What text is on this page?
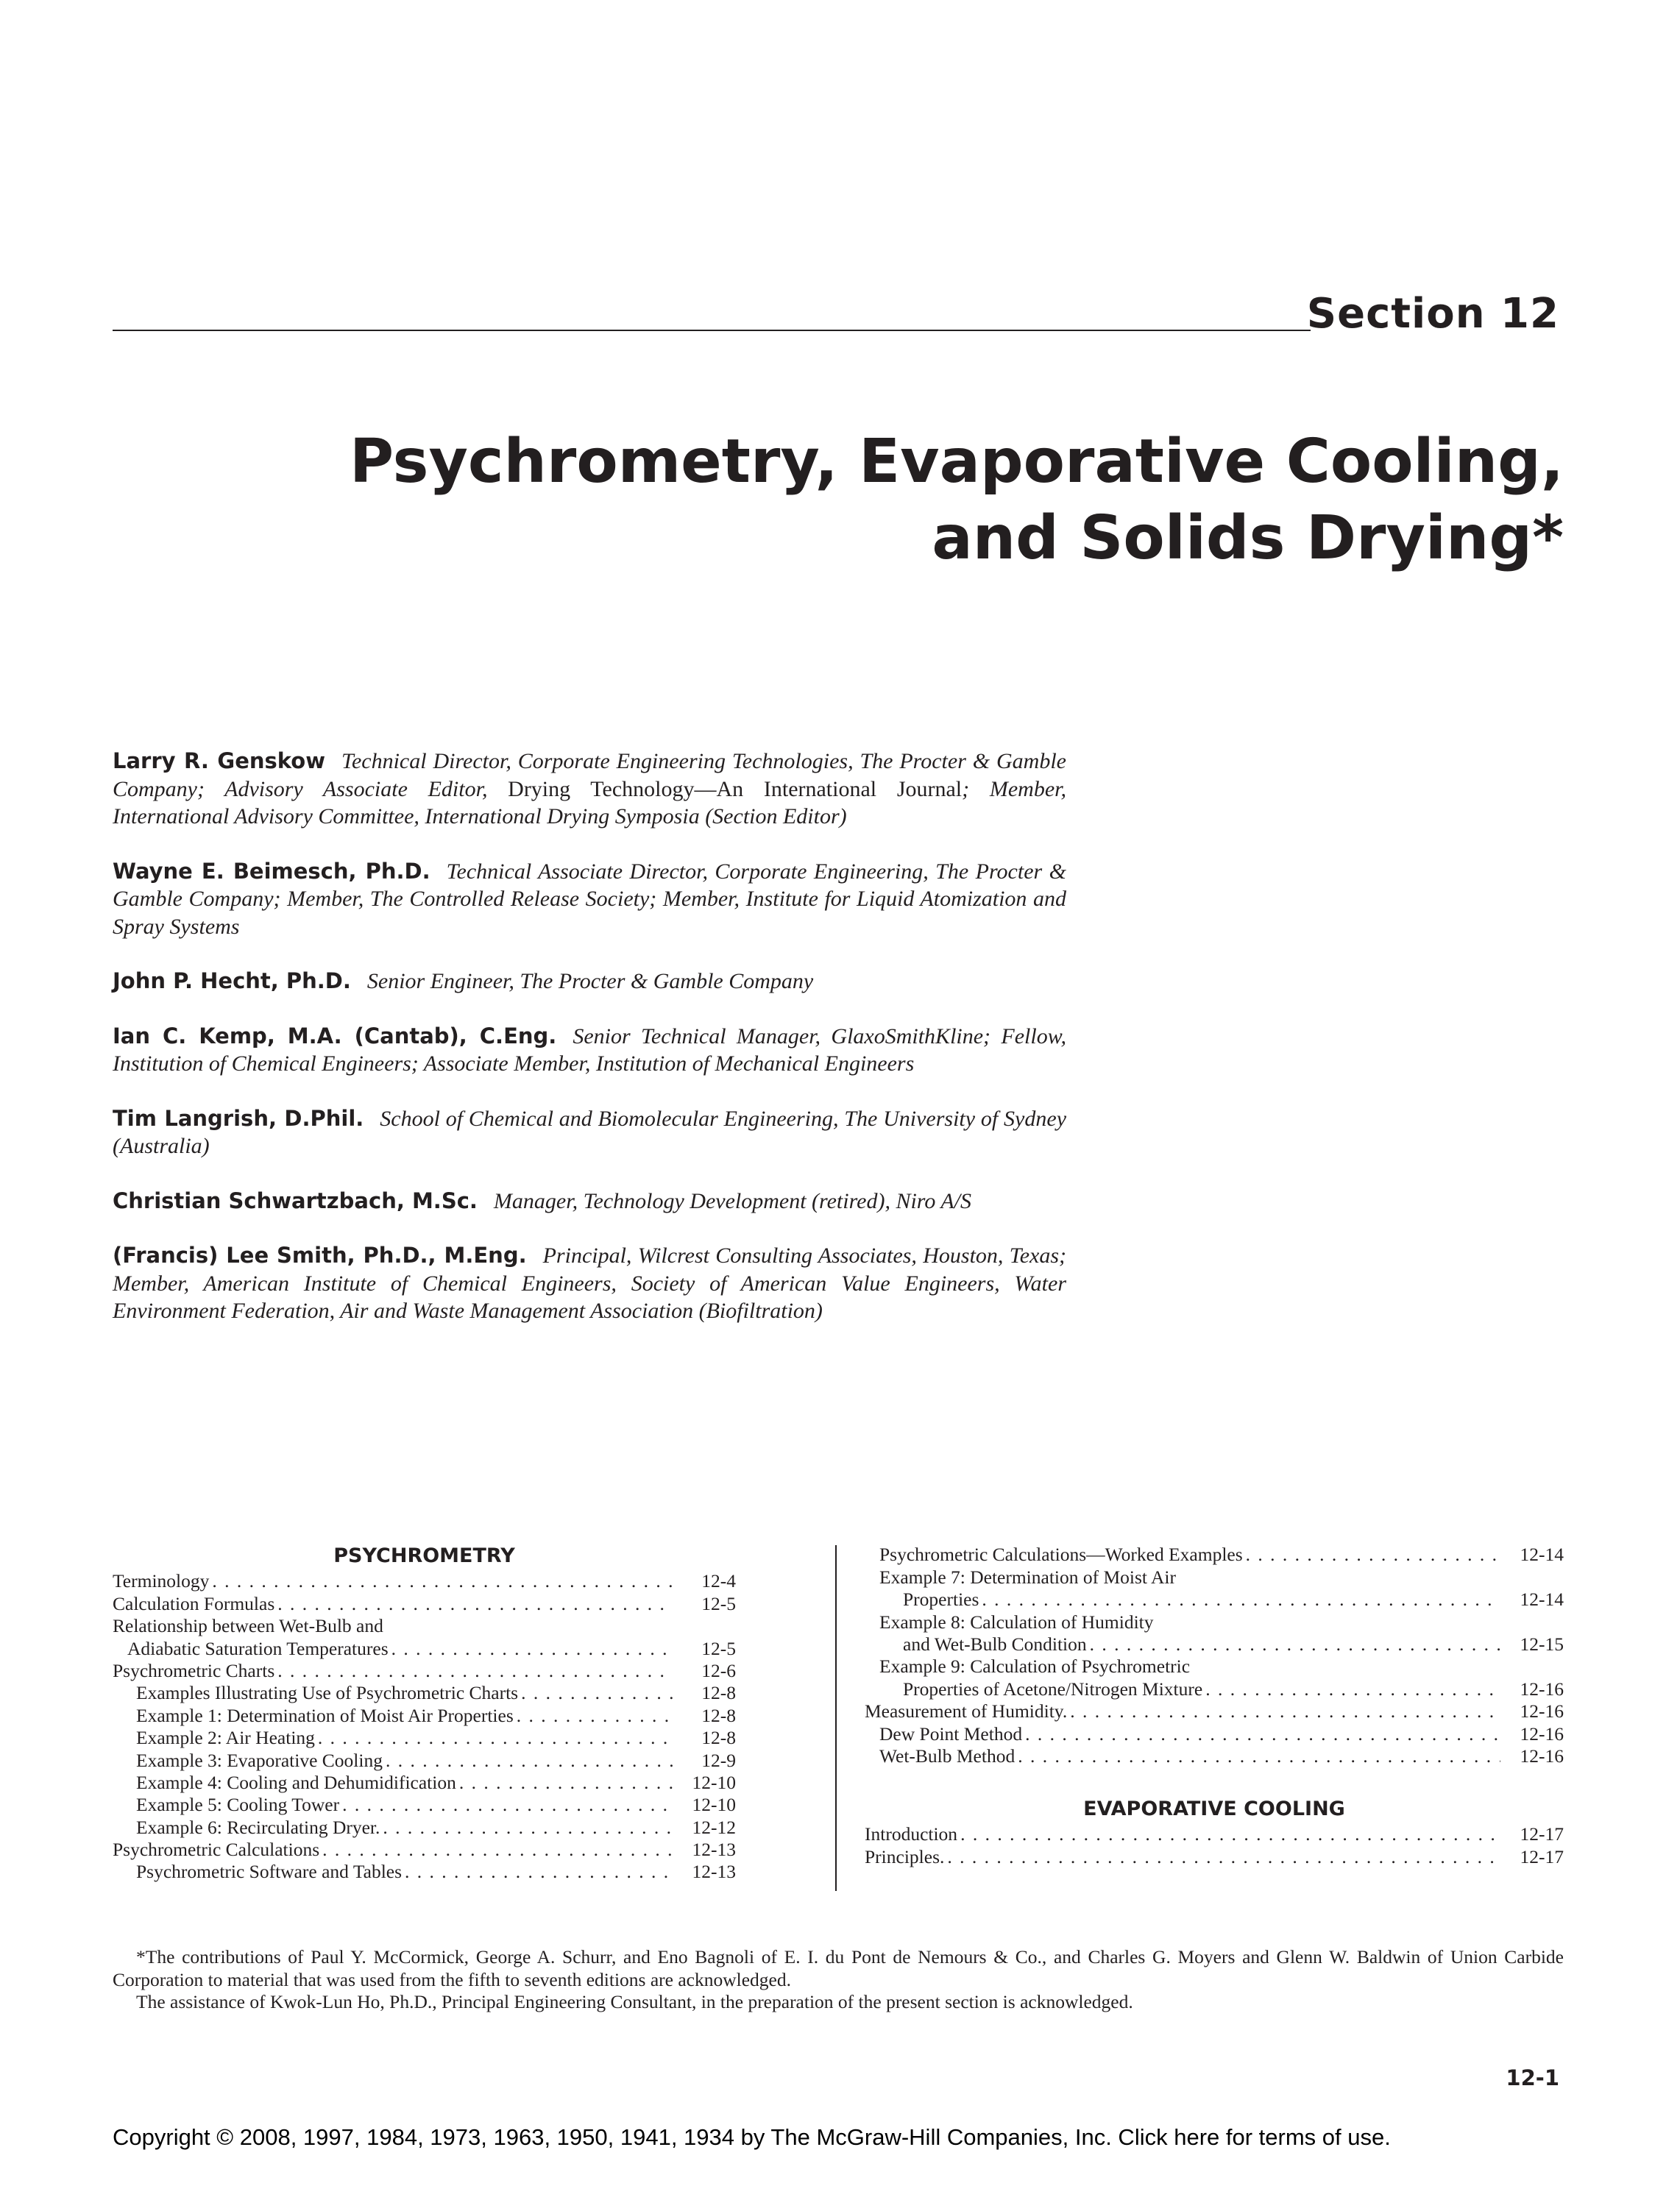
Section 12
Psychrometry, Evaporative Cooling,
and Solids Drying*
Larry R. Genskow Technical Director, Corporate Engineering Technologies, The Procter & Gamble Company; Advisory Associate Editor, Drying Technology—An International Journal; Member, International Advisory Committee, International Drying Symposia (Section Editor)
Wayne E. Beimesch, Ph.D. Technical Associate Director, Corporate Engineering, The Procter & Gamble Company; Member, The Controlled Release Society; Member, Institute for Liquid Atomization and Spray Systems
John P. Hecht, Ph.D. Senior Engineer, The Procter & Gamble Company
Ian C. Kemp, M.A. (Cantab), C.Eng. Senior Technical Manager, GlaxoSmithKline; Fellow, Institution of Chemical Engineers; Associate Member, Institution of Mechanical Engineers
Tim Langrish, D.Phil. School of Chemical and Biomolecular Engineering, The University of Sydney (Australia)
Christian Schwartzbach, M.Sc. Manager, Technology Development (retired), Niro A/S
(Francis) Lee Smith, Ph.D., M.Eng. Principal, Wilcrest Consulting Associates, Houston, Texas; Member, American Institute of Chemical Engineers, Society of American Value Engineers, Water Environment Federation, Air and Waste Management Association (Biofiltration)
PSYCHROMETRY
Terminology . . .	12-4
Calculation Formulas . . .	12-5
Relationship between Wet-Bulb and
Adiabatic Saturation Temperatures . . .	12-5
Psychrometric Charts . . .	12-6
Examples Illustrating Use of Psychrometric Charts . . .	12-8
Example 1: Determination of Moist Air Properties . . .	12-8
Example 2: Air Heating . . .	12-8
Example 3: Evaporative Cooling . . .	12-9
Example 4: Cooling and Dehumidification . . .	12-10
Example 5: Cooling Tower . . .	12-10
Example 6: Recirculating Dryer. . . .	12-12
Psychrometric Calculations . . .	12-13
Psychrometric Software and Tables . . .	12-13
Psychrometric Calculations—Worked Examples . . .	12-14
Example 7: Determination of Moist Air
Properties . . .	12-14
Example 8: Calculation of Humidity
and Wet-Bulb Condition . . .	12-15
Example 9: Calculation of Psychrometric
Properties of Acetone/Nitrogen Mixture . . .	12-16
Measurement of Humidity. . . .	12-16
Dew Point Method . . .	12-16
Wet-Bulb Method . . .	12-16
EVAPORATIVE COOLING
Introduction . . .	12-17
Principles. . . .	12-17

*The contributions of Paul Y. McCormick, George A. Schurr, and Eno Bagnoli of E. I. du Pont de Nemours & Co., and Charles G. Moyers and Glenn W. Baldwin of Union Carbide Corporation to material that was used from the fifth to seventh editions are acknowledged.

The assistance of Kwok-Lun Ho, Ph.D., Principal Engineering Consultant, in the preparation of the present section is acknowledged.

12-1
Copyright © 2008, 1997, 1984, 1973, 1963, 1950, 1941, 1934 by The McGraw-Hill Companies, Inc. Click here for terms of use.
